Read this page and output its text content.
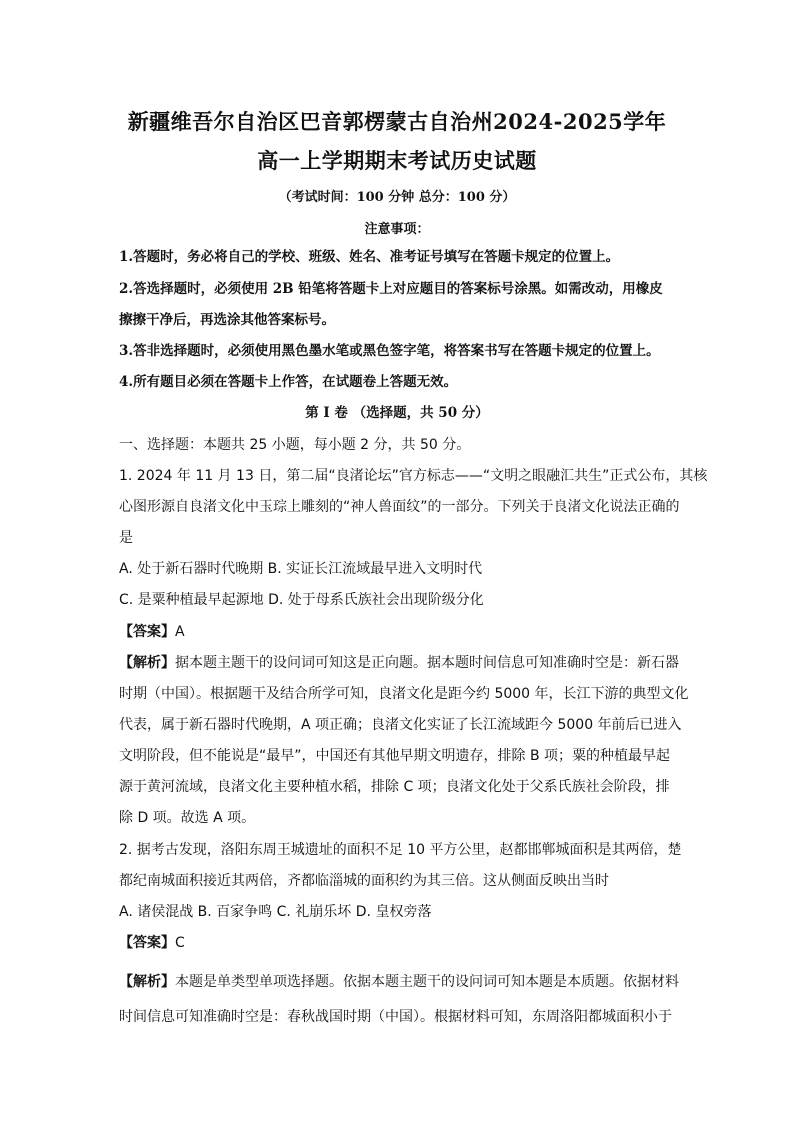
新疆维吾尔自治区巴音郭楞蒙古自治州2024-2025学年
高一上学期期末考试历史试题
（考试时间：100 分钟 总分：100 分）
注意事项：
1.答题时，务必将自己的学校、班级、姓名、准考证号填写在答题卡规定的位置上。
2.答选择题时，必须使用 2B 铅笔将答题卡上对应题目的答案标号涂黑。如需改动，用橡皮
擦擦干净后，再选涂其他答案标号。
3.答非选择题时，必须使用黑色墨水笔或黑色签字笔，将答案书写在答题卡规定的位置上。
4.所有题目必须在答题卡上作答，在试题卷上答题无效。
第 I 卷 （选择题，共 50 分）
一、选择题：本题共 25 小题，每小题 2 分，共 50 分。
1. 2024 年 11 月 13 日，第二届“良渚论坛”官方标志——“文明之眼融汇共生”正式公布，其核
心图形源自良渚文化中玉琮上雕刻的“神人兽面纹”的一部分。下列关于良渚文化说法正确的
是
A. 处于新石器时代晚期 B. 实证长江流域最早进入文明时代
C. 是粟种植最早起源地 D. 处于母系氏族社会出现阶级分化
【答案】A
【解析】据本题主题干的设问词可知这是正向题。据本题时间信息可知准确时空是：新石器
时期（中国）。根据题干及结合所学可知，良渚文化是距今约 5000 年，长江下游的典型文化
代表，属于新石器时代晚期，A 项正确；良渚文化实证了长江流域距今 5000 年前后已进入
文明阶段，但不能说是“最早”，中国还有其他早期文明遗存，排除 B 项；粟的种植最早起
源于黄河流域，良渚文化主要种植水稻，排除 C 项；良渚文化处于父系氏族社会阶段，排
除 D 项。故选 A 项。
2. 据考古发现，洛阳东周王城遗址的面积不足 10 平方公里，赵都邯郸城面积是其两倍，楚
都纪南城面积接近其两倍，齐都临淄城的面积约为其三倍。这从侧面反映出当时
A. 诸侯混战 B. 百家争鸣 C. 礼崩乐坏 D. 皇权旁落
【答案】C
【解析】本题是单类型单项选择题。依据本题主题干的设问词可知本题是本质题。依据材料
时间信息可知准确时空是：春秋战国时期（中国）。根据材料可知，东周洛阳都城面积小于
